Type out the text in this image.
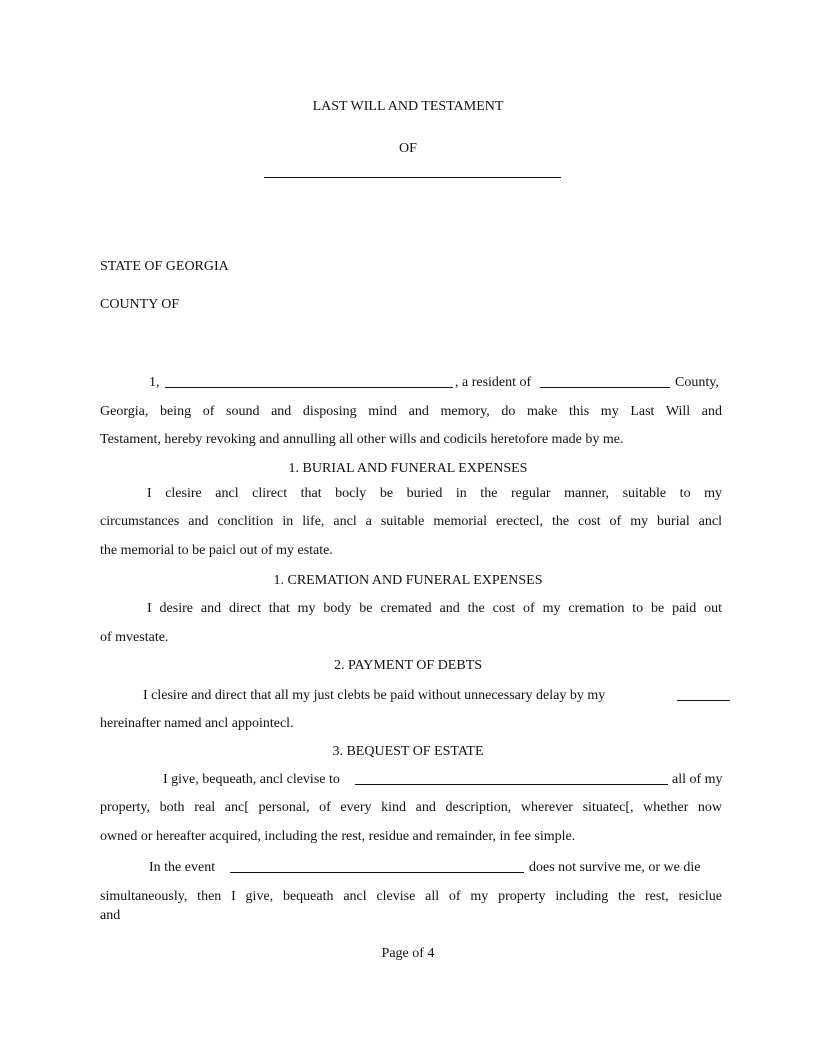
LAST WILL AND TESTAMENT
OF
STATE OF GEORGIA
COUNTY OF
1,	, a resident of	County,
Georgia, being of sound and disposing mind and memory, do make this my Last Will and
Testament, hereby revoking and annulling all other wills and codicils heretofore made by me.
1. BURIAL AND FUNERAL EXPENSES
I clesire ancl clirect that bocly be buried in the regular manner, suitable to my
circumstances and conclition in life, ancl a suitable memorial erectecl, the cost of my burial ancl
the memorial to be paicl out of my estate.
1. CREMATION AND FUNERAL EXPENSES
I desire and direct that my body be cremated and the cost of my cremation to be paid out
of mvestate.
2. PAYMENT OF DEBTS
I clesire and direct that all my just clebts be paid without unnecessary delay by my
hereinafter named ancl appointecl.
3. BEQUEST OF ESTATE
I give, bequeath, ancl clevise to	all of my
property, both real anc[ personal, of every kind and description, wherever situatec[, whether now
owned or hereafter acquired, including the rest, residue and remainder, in fee simple.
In the event	does not survive me, or we die
simultaneously, then I give, bequeath ancl clevise all of my property including the rest, resiclue
and
Page of 4
